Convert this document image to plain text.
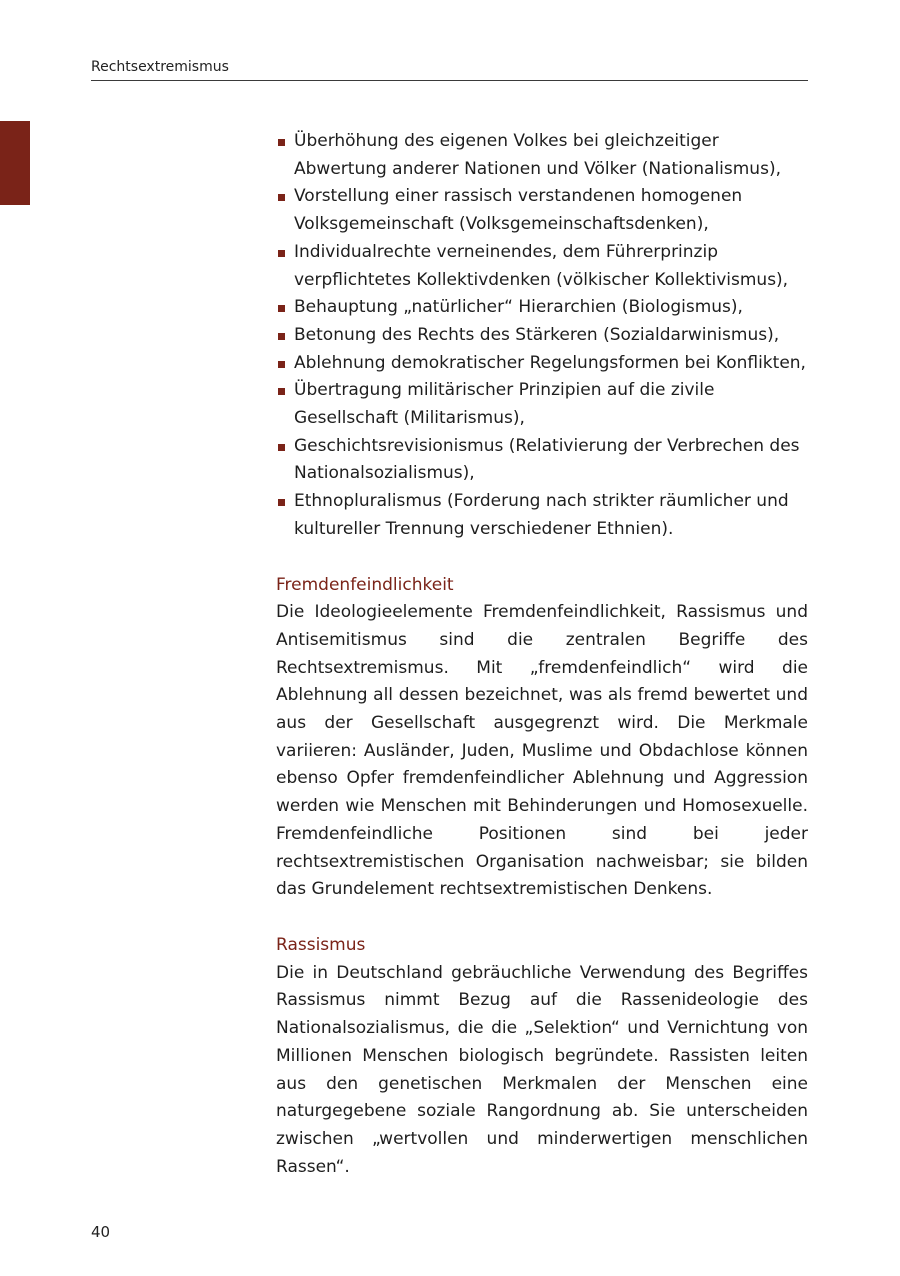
Rechtsextremismus
Überhöhung des eigenen Volkes bei gleichzeitiger Abwertung anderer Nationen und Völker (Nationalismus),
Vorstellung einer rassisch verstandenen homogenen Volksgemeinschaft (Volksgemeinschaftsdenken),
Individualrechte verneinendes, dem Führerprinzip verpflichtetes Kollektivdenken (völkischer Kollektivismus),
Behauptung „natürlicher“ Hierarchien (Biologismus),
Betonung des Rechts des Stärkeren (Sozialdarwinismus),
Ablehnung demokratischer Regelungsformen bei Konflikten,
Übertragung militärischer Prinzipien auf die zivile Gesellschaft (Militarismus),
Geschichtsrevisionismus (Relativierung der Verbrechen des Nationalsozialismus),
Ethnopluralismus (Forderung nach strikter räumlicher und kultureller Trennung verschiedener Ethnien).
Fremdenfeindlichkeit

Die Ideologieelemente Fremdenfeindlichkeit, Rassismus und Antisemitismus sind die zentralen Begriffe des Rechtsextremismus. Mit „fremdenfeindlich“ wird die Ablehnung all dessen bezeichnet, was als fremd bewertet und aus der Gesellschaft ausgegrenzt wird. Die Merkmale variieren: Ausländer, Juden, Muslime und Obdachlose können ebenso Opfer fremdenfeindlicher Ablehnung und Aggression werden wie Menschen mit Behinderungen und Homosexuelle. Fremdenfeindliche Positionen sind bei jeder rechtsextremistischen Organisation nachweisbar; sie bilden das Grundelement rechtsextremistischen Denkens.

Rassismus

Die in Deutschland gebräuchliche Verwendung des Begriffes Rassismus nimmt Bezug auf die Rassenideologie des Nationalsozialismus, die die „Selektion“ und Vernichtung von Millionen Menschen biologisch begründete. Rassisten leiten aus den genetischen Merkmalen der Menschen eine naturgegebene soziale Rangordnung ab. Sie unterscheiden zwischen „wertvollen und minderwertigen menschlichen Rassen“.

40
